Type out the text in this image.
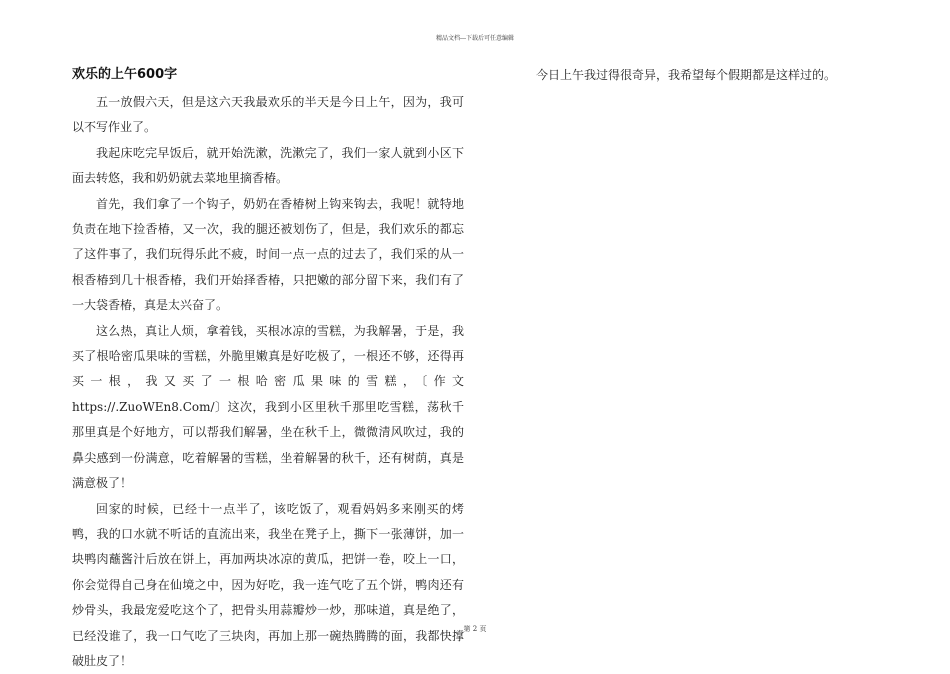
精品文档---下载后可任意编辑
欢乐的上午600字

五一放假六天，但是这六天我最欢乐的半天是今日上午，因为，我可以不写作业了。

我起床吃完早饭后，就开始洗漱，洗漱完了，我们一家人就到小区下面去转悠，我和奶奶就去菜地里摘香椿。

首先，我们拿了一个钩子，奶奶在香椿树上钩来钩去，我呢！就特地负责在地下捡香椿，又一次，我的腿还被划伤了，但是，我们欢乐的都忘了这件事了，我们玩得乐此不疲，时间一点一点的过去了，我们采的从一根香椿到几十根香椿，我们开始择香椿，只把嫩的部分留下来，我们有了一大袋香椿，真是太兴奋了。

这么热，真让人烦，拿着钱，买根冰凉的雪糕，为我解暑，于是，我买了根哈密瓜果味的雪糕，外脆里嫩真是好吃极了，一根还不够，还得再买一根，我又买了一根哈密瓜果味的雪糕，〔作文https://.ZuoWEn8.Com/〕这次，我到小区里秋千那里吃雪糕，荡秋千那里真是个好地方，可以帮我们解暑，坐在秋千上，微微清风吹过，我的鼻尖感到一份满意，吃着解暑的雪糕，坐着解暑的秋千，还有树荫，真是满意极了！

回家的时候，已经十一点半了，该吃饭了，观看妈妈多来刚买的烤鸭，我的口水就不听话的直流出来，我坐在凳子上，撕下一张薄饼，加一块鸭肉蘸酱汁后放在饼上，再加两块冰凉的黄瓜，把饼一卷，咬上一口，你会觉得自己身在仙境之中，因为好吃，我一连气吃了五个饼，鸭肉还有炒骨头，我最宠爱吃这个了，把骨头用蒜瓣炒一炒，那味道，真是绝了，已经没谁了，我一口气吃了三块肉，再加上那一碗热腾腾的面，我都快撑破肚皮了！

今日上午我过得很奇异，我希望每个假期都是这样过的。

第 2 页
